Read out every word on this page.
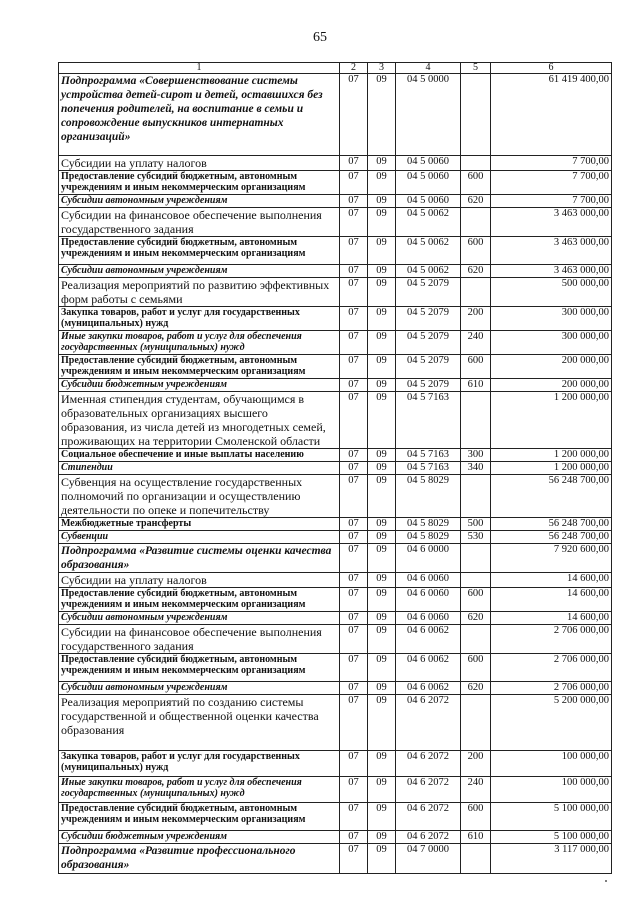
65
1	2	3	4	5	6
Подпрограмма «Совершенствование системы устройства детей-сирот и детей, оставшихся без попечения родителей, на воспитание в семьи и сопровождение выпускников интернатных организаций»	07	09	04 5 0000		61 419 400,00
Субсидии на уплату налогов	07	09	04 5 0060		7 700,00
Предоставление субсидий бюджетным, автономным учреждениям и иным некоммерческим организациям	07	09	04 5 0060	600	7 700,00
Субсидии автономным учреждениям	07	09	04 5 0060	620	7 700,00
Субсидии на финансовое обеспечение выполнения государственного задания	07	09	04 5 0062		3 463 000,00
Предоставление субсидий бюджетным, автономным учреждениям и иным некоммерческим организациям	07	09	04 5 0062	600	3 463 000,00
Субсидии автономным учреждениям	07	09	04 5 0062	620	3 463 000,00
Реализация мероприятий по развитию эффективных форм работы с семьями	07	09	04 5 2079		500 000,00
Закупка товаров, работ и услуг для государственных (муниципальных) нужд	07	09	04 5 2079	200	300 000,00
Иные закупки товаров, работ и услуг для обеспечения государственных (муниципальных) нужд	07	09	04 5 2079	240	300 000,00
Предоставление субсидий бюджетным, автономным учреждениям и иным некоммерческим организациям	07	09	04 5 2079	600	200 000,00
Субсидии бюджетным учреждениям	07	09	04 5 2079	610	200 000,00
Именная стипендия студентам, обучающимся в образовательных организациях высшего образования, из числа детей из многодетных семей, проживающих на территории Смоленской области	07	09	04 5 7163		1 200 000,00
Социальное обеспечение и иные выплаты населению	07	09	04 5 7163	300	1 200 000,00
Стипендии	07	09	04 5 7163	340	1 200 000,00
Субвенция на осуществление государственных полномочий по организации и осуществлению деятельности по опеке и попечительству	07	09	04 5 8029		56 248 700,00
Межбюджетные трансферты	07	09	04 5 8029	500	56 248 700,00
Субвенции	07	09	04 5 8029	530	56 248 700,00
Подпрограмма «Развитие системы оценки качества образования»	07	09	04 6 0000		7 920 600,00
Субсидии на уплату налогов	07	09	04 6 0060		14 600,00
Предоставление субсидий бюджетным, автономным учреждениям и иным некоммерческим организациям	07	09	04 6 0060	600	14 600,00
Субсидии автономным учреждениям	07	09	04 6 0060	620	14 600,00
Субсидии на финансовое обеспечение выполнения государственного задания	07	09	04 6 0062		2 706 000,00
Предоставление субсидий бюджетным, автономным учреждениям и иным некоммерческим организациям	07	09	04 6 0062	600	2 706 000,00
Субсидии автономным учреждениям	07	09	04 6 0062	620	2 706 000,00
Реализация мероприятий по созданию системы государственной и общественной оценки качества образования	07	09	04 6 2072		5 200 000,00
Закупка товаров, работ и услуг для государственных (муниципальных) нужд	07	09	04 6 2072	200	100 000,00
Иные закупки товаров, работ и услуг для обеспечения государственных (муниципальных) нужд	07	09	04 6 2072	240	100 000,00
Предоставление субсидий бюджетным, автономным учреждениям и иным некоммерческим организациям	07	09	04 6 2072	600	5 100 000,00
Субсидии бюджетным учреждениям	07	09	04 6 2072	610	5 100 000,00
Подпрограмма «Развитие профессионального образования»	07	09	04 7 0000		3 117 000,00
